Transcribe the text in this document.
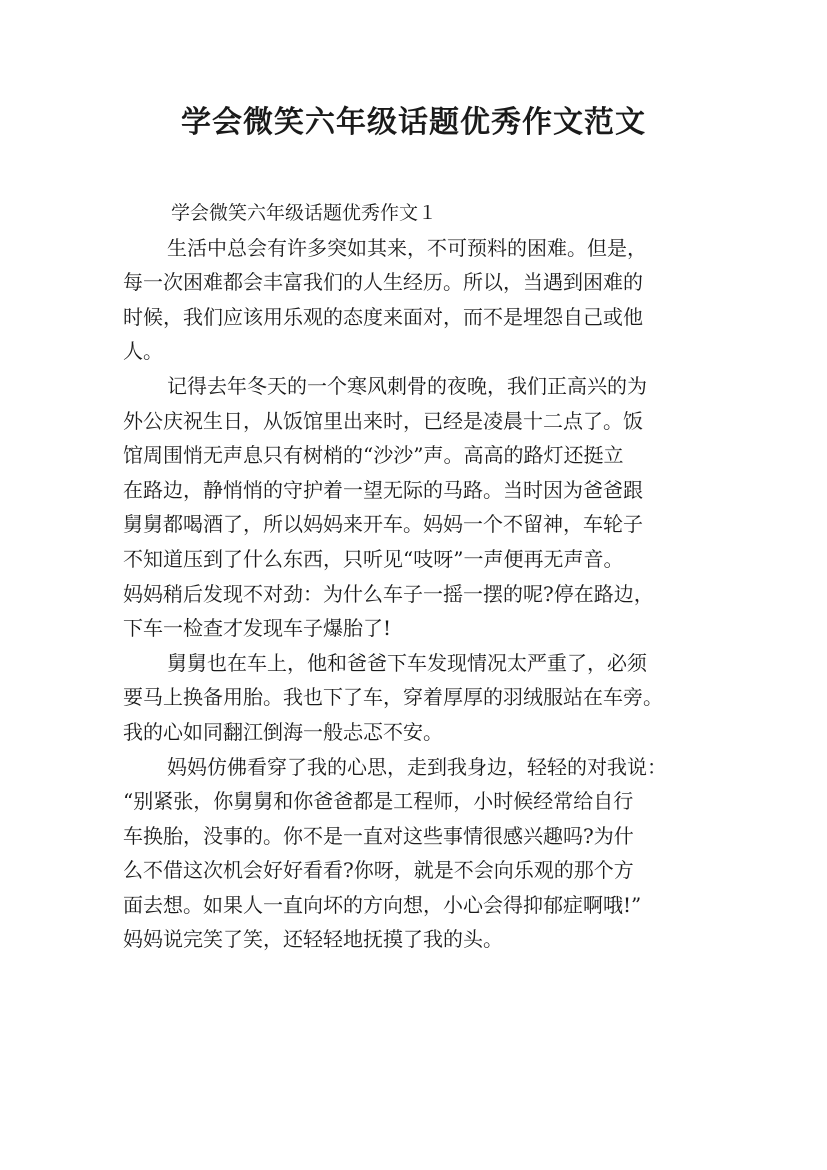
学会微笑六年级话题优秀作文范文

学会微笑六年级话题优秀作文１

生活中总会有许多突如其来，不可预料的困难。但是，
每一次困难都会丰富我们的人生经历。所以，当遇到困难的
时候，我们应该用乐观的态度来面对，而不是埋怨自己或他
人。
记得去年冬天的一个寒风刺骨的夜晚，我们正高兴的为
外公庆祝生日，从饭馆里出来时，已经是凌晨十二点了。饭
馆周围悄无声息只有树梢的“沙沙”声。高高的路灯还挺立
在路边，静悄悄的守护着一望无际的马路。当时因为爸爸跟
舅舅都喝酒了，所以妈妈来开车。妈妈一个不留神，车轮子
不知道压到了什么东西，只听见“吱呀”一声便再无声音。
妈妈稍后发现不对劲：为什么车子一摇一摆的呢?停在路边，
下车一检查才发现车子爆胎了!
舅舅也在车上，他和爸爸下车发现情况太严重了，必须
要马上换备用胎。我也下了车，穿着厚厚的羽绒服站在车旁。
我的心如同翻江倒海一般忐忑不安。
妈妈仿佛看穿了我的心思，走到我身边，轻轻的对我说：
“别紧张，你舅舅和你爸爸都是工程师，小时候经常给自行
车换胎，没事的。你不是一直对这些事情很感兴趣吗?为什
么不借这次机会好好看看?你呀，就是不会向乐观的那个方
面去想。如果人一直向坏的方向想，小心会得抑郁症啊哦!”
妈妈说完笑了笑，还轻轻地抚摸了我的头。
